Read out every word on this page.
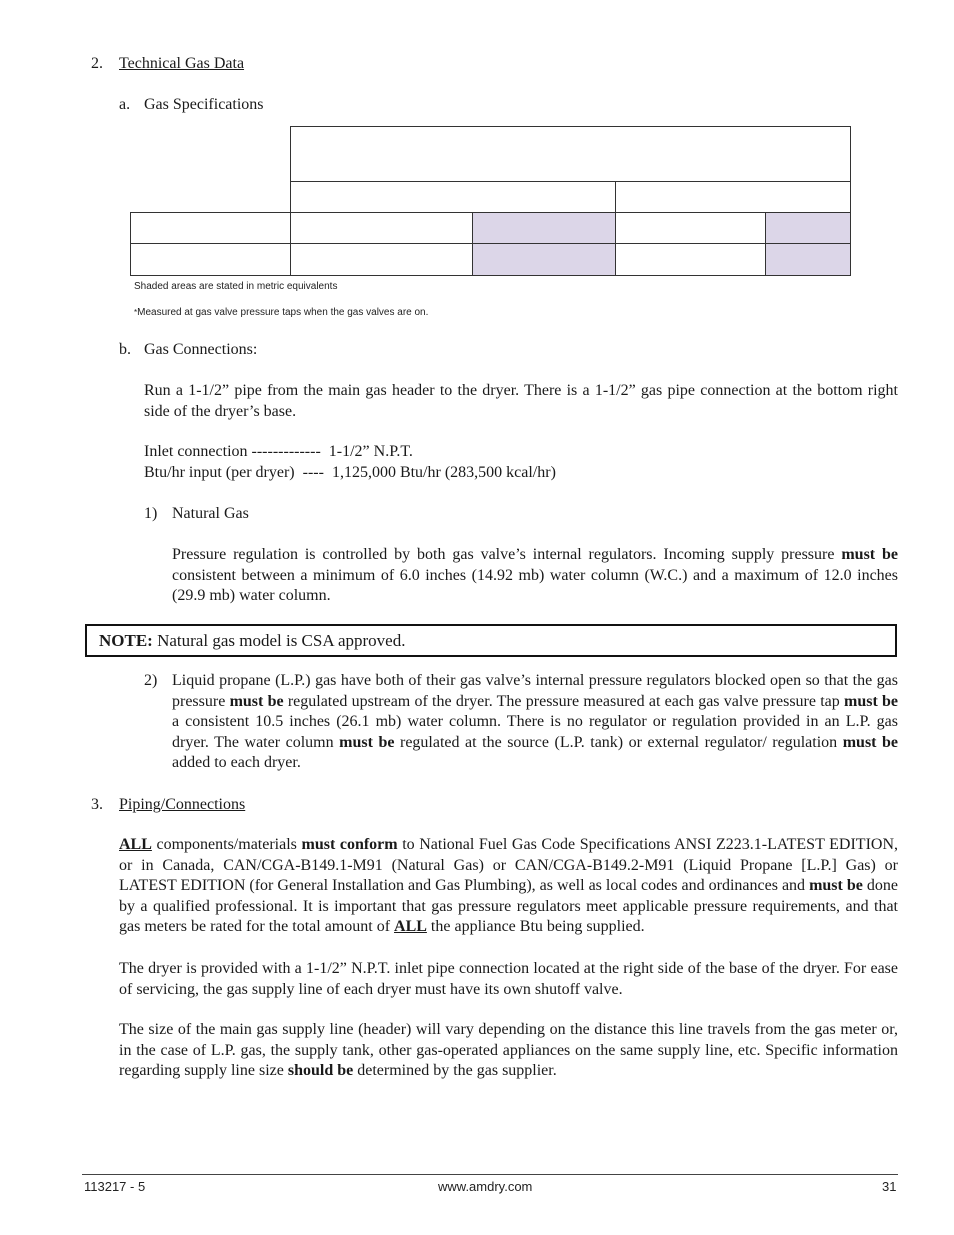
2. Technical Gas Data
a. Gas Specifications
Shaded areas are stated in metric equivalents
*Measured at gas valve pressure taps when the gas valves are on.
b. Gas Connections:

Run a 1-1/2” pipe from the main gas header to the dryer. There is a 1-1/2” gas pipe connection at the bottom right side of the dryer’s base.

Inlet connection -------------  1-1/2” N.P.T.
Btu/hr input (per dryer)  ----  1,125,000 Btu/hr (283,500 kcal/hr)
1) Natural Gas

Pressure regulation is controlled by both gas valve’s internal regulators. Incoming supply pressure must be consistent between a minimum of 6.0 inches (14.92 mb) water column (W.C.) and a maximum of 12.0 inches (29.9 mb) water column.

NOTE: Natural gas model is CSA approved.
2) Liquid propane (L.P.) gas have both of their gas valve’s internal pressure regulators blocked open so that the gas pressure must be regulated upstream of the dryer. The pressure measured at each gas valve pressure tap must be a consistent 10.5 inches (26.1 mb) water column. There is no regulator or regulation provided in an L.P. gas dryer. The water column must be regulated at the source (L.P. tank) or external regulator/ regulation must be added to each dryer.

3. Piping/Connections

ALL components/materials must conform to National Fuel Gas Code Specifications ANSI Z223.1-LATEST EDITION, or in Canada, CAN/CGA-B149.1-M91 (Natural Gas) or CAN/CGA-B149.2-M91 (Liquid Propane [L.P.] Gas) or LATEST EDITION (for General Installation and Gas Plumbing), as well as local codes and ordinances and must be done by a qualified professional. It is important that gas pressure regulators meet applicable pressure requirements, and that gas meters be rated for the total amount of ALL the appliance Btu being supplied.

The dryer is provided with a 1-1/2” N.P.T. inlet pipe connection located at the right side of the base of the dryer. For ease of servicing, the gas supply line of each dryer must have its own shutoff valve.

The size of the main gas supply line (header) will vary depending on the distance this line travels from the gas meter or, in the case of L.P. gas, the supply tank, other gas-operated appliances on the same supply line, etc. Specific information regarding supply line size should be determined by the gas supplier.

113217 - 5	www.amdry.com	31
